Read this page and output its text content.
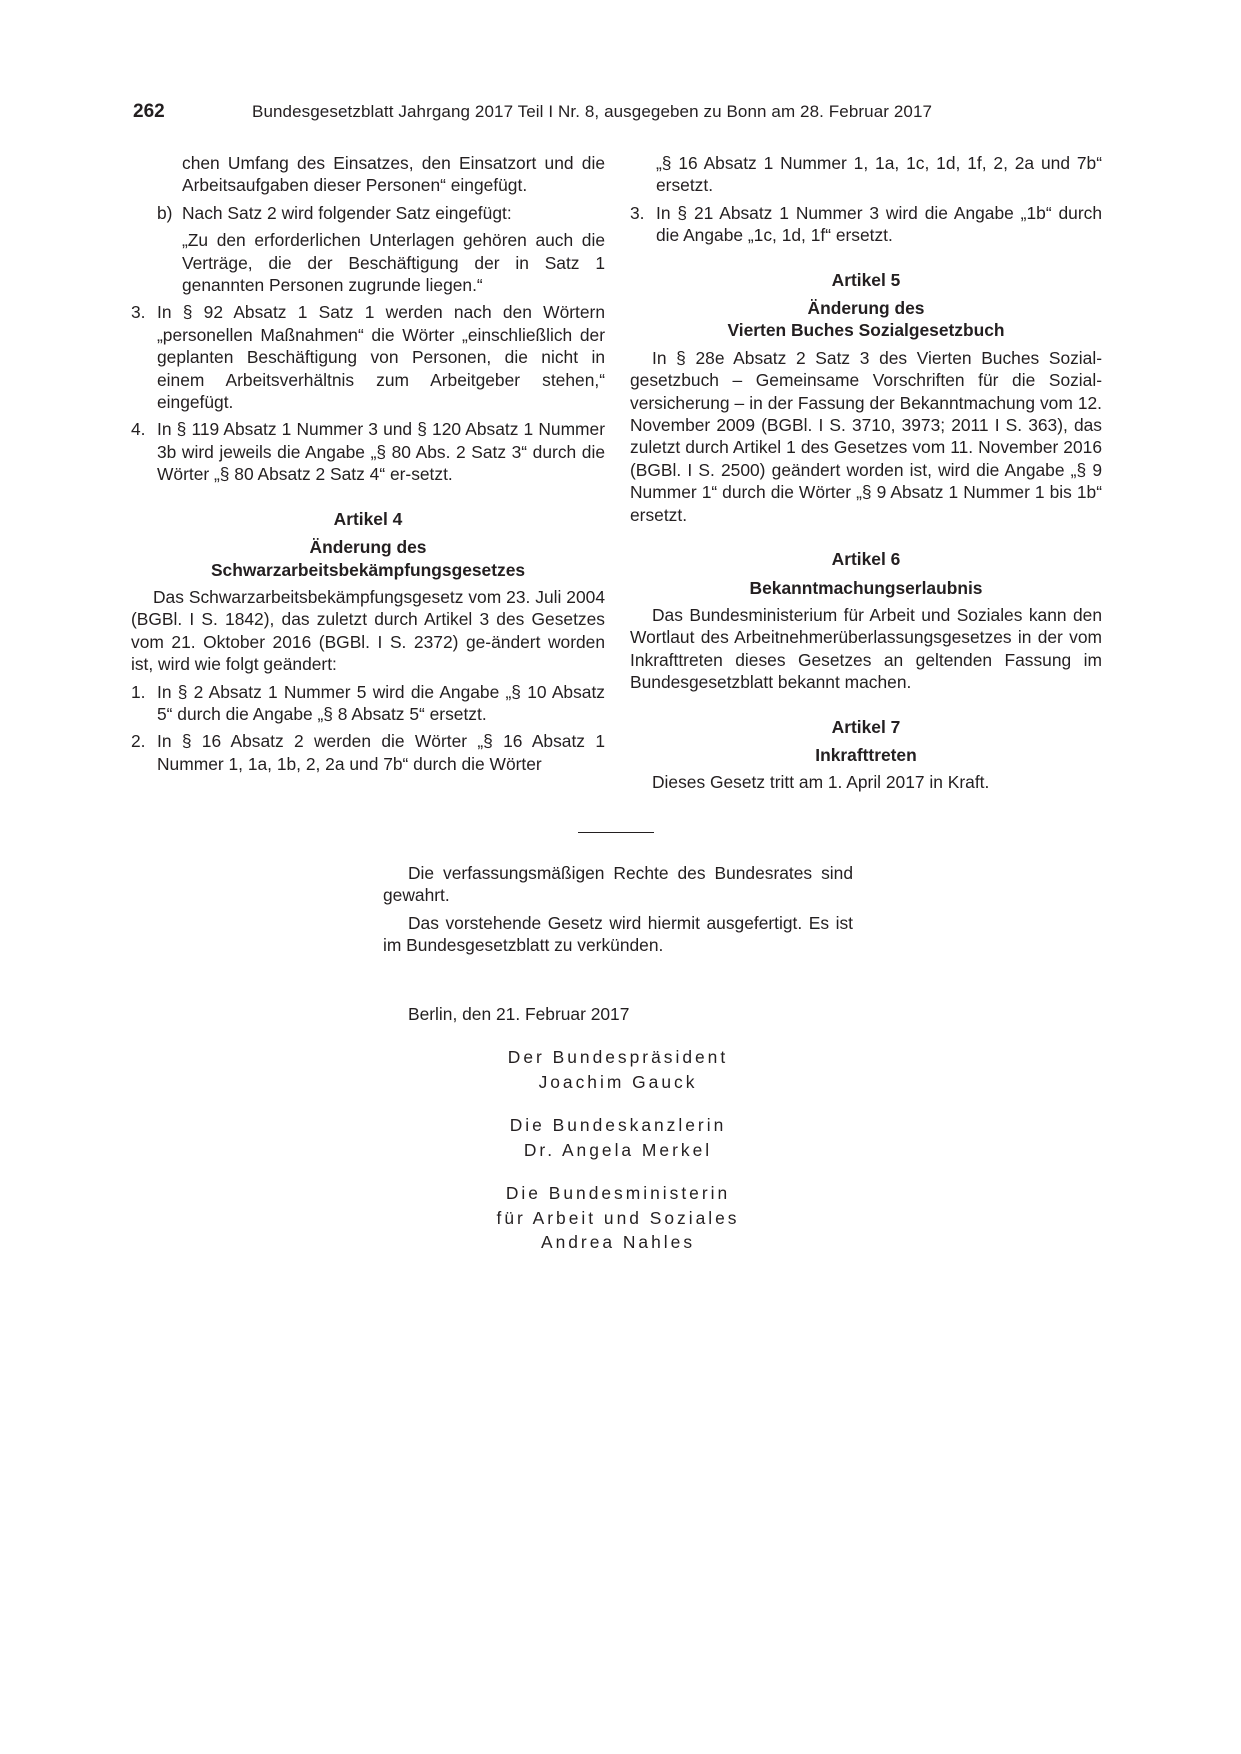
262	Bundesgesetzblatt Jahrgang 2017 Teil I Nr. 8, ausgegeben zu Bonn am 28. Februar 2017
chen Umfang des Einsatzes, den Einsatzort und die Arbeitsaufgaben dieser Personen“ eingefügt.
b) Nach Satz 2 wird folgender Satz eingefügt:
„Zu den erforderlichen Unterlagen gehören auch die Verträge, die der Beschäftigung der in Satz 1 genannten Personen zugrunde liegen.“
3. In § 92 Absatz 1 Satz 1 werden nach den Wörtern „personellen Maßnahmen“ die Wörter „einschließlich der geplanten Beschäftigung von Personen, die nicht in einem Arbeitsverhältnis zum Arbeitgeber stehen,“ eingefügt.
4. In § 119 Absatz 1 Nummer 3 und § 120 Absatz 1 Nummer 3b wird jeweils die Angabe „§ 80 Abs. 2 Satz 3“ durch die Wörter „§ 80 Absatz 2 Satz 4“ er-setzt.
Artikel 4
Änderung des
Schwarzarbeitsbekämpfungsgesetzes
Das Schwarzarbeitsbekämpfungsgesetz vom 23. Juli 2004 (BGBl. I S. 1842), das zuletzt durch Artikel 3 des Gesetzes vom 21. Oktober 2016 (BGBl. I S. 2372) ge-ändert worden ist, wird wie folgt geändert:
1. In § 2 Absatz 1 Nummer 5 wird die Angabe „§ 10 Absatz 5“ durch die Angabe „§ 8 Absatz 5“ ersetzt.
2. In § 16 Absatz 2 werden die Wörter „§ 16 Absatz 1 Nummer 1, 1a, 1b, 2, 2a und 7b“ durch die Wörter
„§ 16 Absatz 1 Nummer 1, 1a, 1c, 1d, 1f, 2, 2a und 7b“ ersetzt.
3. In § 21 Absatz 1 Nummer 3 wird die Angabe „1b“ durch die Angabe „1c, 1d, 1f“ ersetzt.
Artikel 5
Änderung des
Vierten Buches Sozialgesetzbuch
In § 28e Absatz 2 Satz 3 des Vierten Buches Sozial-gesetzbuch – Gemeinsame Vorschriften für die Sozial-versicherung – in der Fassung der Bekanntmachung vom 12. November 2009 (BGBl. I S. 3710, 3973; 2011 I S. 363), das zuletzt durch Artikel 1 des Gesetzes vom 11. November 2016 (BGBl. I S. 2500) geändert worden ist, wird die Angabe „§ 9 Nummer 1“ durch die Wörter „§ 9 Absatz 1 Nummer 1 bis 1b“ ersetzt.
Artikel 6
Bekanntmachungserlaubnis
Das Bundesministerium für Arbeit und Soziales kann den Wortlaut des Arbeitnehmerüberlassungsgesetzes in der vom Inkrafttreten dieses Gesetzes an geltenden Fassung im Bundesgesetzblatt bekannt machen.
Artikel 7
Inkrafttreten
Dieses Gesetz tritt am 1. April 2017 in Kraft.
Die verfassungsmäßigen Rechte des Bundesrates sind gewahrt.
Das vorstehende Gesetz wird hiermit ausgefertigt. Es ist im Bundesgesetzblatt zu verkünden.
Berlin, den 21. Februar 2017
Der Bundespräsident
Joachim Gauck
Die Bundeskanzlerin
Dr. Angela Merkel
Die Bundesministerin
für Arbeit und Soziales
Andrea Nahles
